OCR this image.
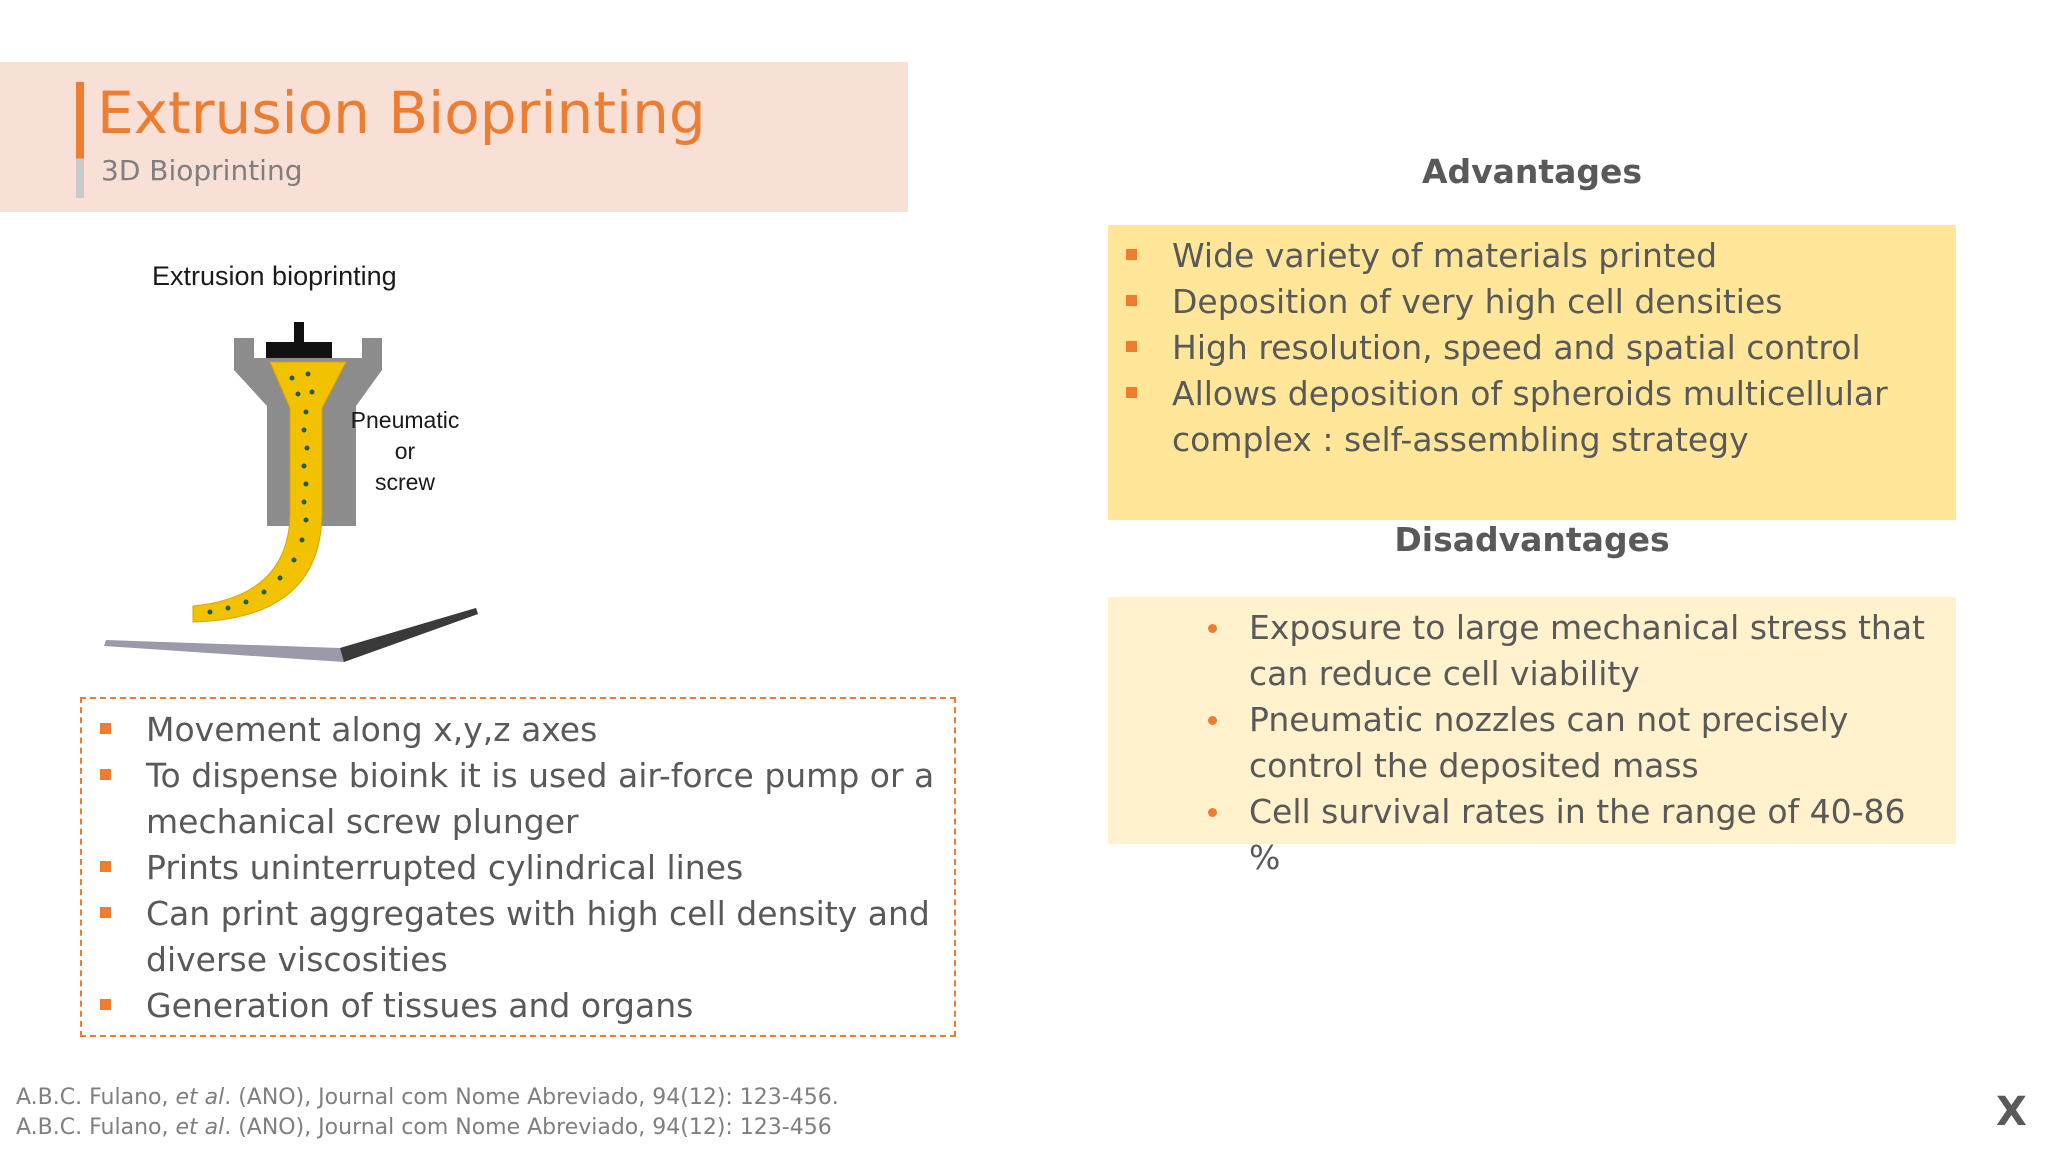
Extrusion Bioprinting
3D Bioprinting
Extrusion bioprinting
Pneumatic
or
screw
Movement along x,y,z axes
To dispense bioink it is used air-force pump or a mechanical screw plunger
Prints uninterrupted cylindrical lines
Can print aggregates with high cell density and diverse viscosities
Generation of tissues and organs
Advantages
Wide variety of materials printed
Deposition of very high cell densities
High resolution, speed and spatial control
Allows deposition of spheroids multicellular complex : self-assembling strategy
Disadvantages
Exposure to large mechanical stress that can reduce cell viability
Pneumatic nozzles can not precisely control the deposited mass
Cell survival rates in the range of 40-86 %
A.B.C. Fulano, et al. (ANO), Journal com Nome Abreviado, 94(12): 123-456.
A.B.C. Fulano, et al. (ANO), Journal com Nome Abreviado, 94(12): 123-456	X
